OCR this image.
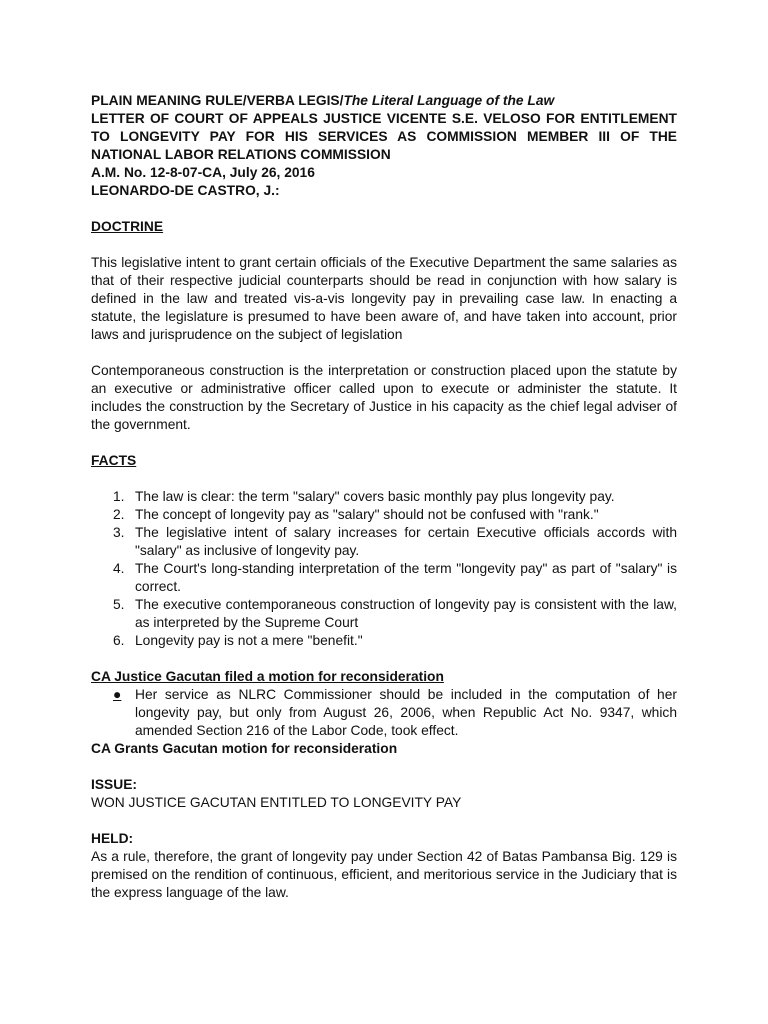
PLAIN MEANING RULE/VERBA LEGIS/The Literal Language of the Law
LETTER OF COURT OF APPEALS JUSTICE VICENTE S.E. VELOSO FOR ENTITLEMENT TO LONGEVITY PAY FOR HIS SERVICES AS COMMISSION MEMBER III OF THE NATIONAL LABOR RELATIONS COMMISSION
A.M. No. 12-8-07-CA, July 26, 2016
LEONARDO-DE CASTRO, J.:
DOCTRINE

This legislative intent to grant certain officials of the Executive Department the same salaries as that of their respective judicial counterparts should be read in conjunction with how salary is defined in the law and treated vis-a-vis longevity pay in prevailing case law. In enacting a statute, the legislature is presumed to have been aware of, and have taken into account, prior laws and jurisprudence on the subject of legislation

Contemporaneous construction is the interpretation or construction placed upon the statute by an executive or administrative officer called upon to execute or administer the statute. It includes the construction by the Secretary of Justice in his capacity as the chief legal adviser of the government.

FACTS
1. The law is clear: the term "salary" covers basic monthly pay plus longevity pay.
2. The concept of longevity pay as "salary" should not be confused with "rank."
3. The legislative intent of salary increases for certain Executive officials accords with "salary" as inclusive of longevity pay.
4. The Court's long-standing interpretation of the term "longevity pay" as part of "salary" is correct.
5. The executive contemporaneous construction of longevity pay is consistent with the law, as interpreted by the Supreme Court
6. Longevity pay is not a mere "benefit."
CA Justice Gacutan filed a motion for reconsideration
● Her service as NLRC Commissioner should be included in the computation of her longevity pay, but only from August 26, 2006, when Republic Act No. 9347, which amended Section 216 of the Labor Code, took effect.
CA Grants Gacutan motion for reconsideration
ISSUE:
WON JUSTICE GACUTAN ENTITLED TO LONGEVITY PAY
HELD:
As a rule, therefore, the grant of longevity pay under Section 42 of Batas Pambansa Big. 129 is premised on the rendition of continuous, efficient, and meritorious service in the Judiciary that is the express language of the law.
